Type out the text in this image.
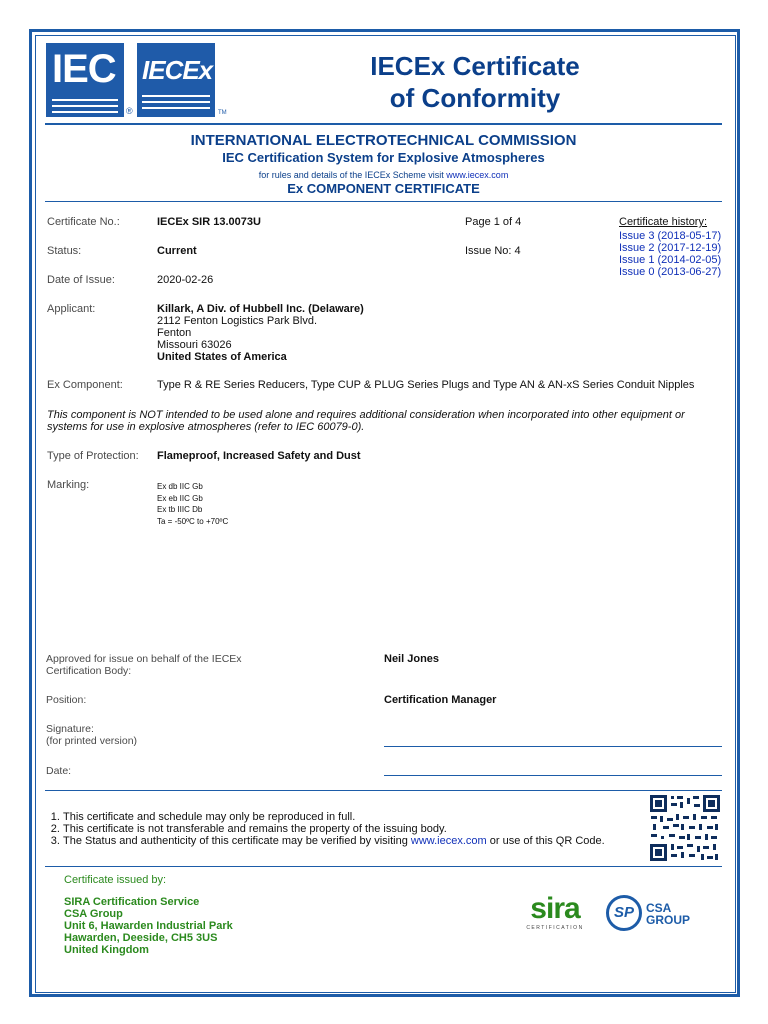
IEC
®
IECEx
TM
IECEx Certificate
of Conformity
INTERNATIONAL ELECTROTECHNICAL COMMISSION
IEC Certification System for Explosive Atmospheres
for rules and details of the IECEx Scheme visit www.iecex.com
Ex COMPONENT CERTIFICATE
Certificate No.:	IECEx SIR 13.0073U	Page 1 of 4
Status:	Current	Issue No: 4
Date of Issue:	2020-02-26
Certificate history:
Issue 3 (2018-05-17)
Issue 2 (2017-12-19)
Issue 1 (2014-02-05)
Issue 0 (2013-06-27)
Applicant:	Killark, A Div. of Hubbell Inc. (Delaware)
2112 Fenton Logistics Park Blvd.
Fenton
Missouri 63026
United States of America
Ex Component:	Type R & RE Series Reducers, Type CUP & PLUG Series Plugs and Type AN & AN-xS Series Conduit Nipples
This component is NOT intended to be used alone and requires additional consideration when incorporated into other equipment or systems for use in explosive atmospheres (refer to IEC 60079-0).
Type of Protection: Flameproof, Increased Safety and Dust
Marking:	Ex db IIC Gb
Ex eb IIC Gb
Ex tb IIIC Db
Ta = -50ºC to +70ºC
Approved for issue on behalf of the IECEx
Certification Body:
Neil Jones
Position:	Certification Manager
Signature:
(for printed version)
Date:
1. This certificate and schedule may only be reproduced in full.
2. This certificate is not transferable and remains the property of the issuing body.
3. The Status and authenticity of this certificate may be verified by visiting www.iecex.com or use of this QR Code.
Certificate issued by:
SIRA Certification Service
CSA Group
Unit 6, Hawarden Industrial Park
Hawarden, Deeside, CH5 3US
United Kingdom
sira
CERTIFICATION
SP	CSA
GROUP
